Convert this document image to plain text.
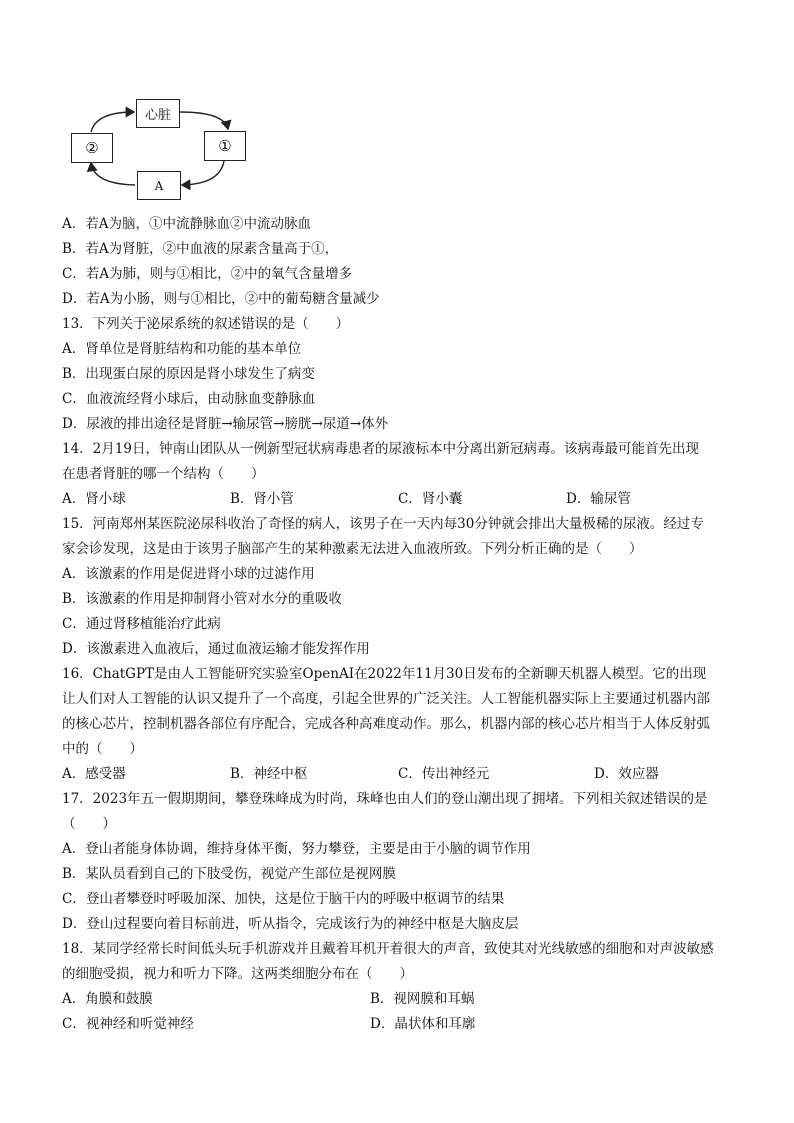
心脏
①
②
A
A．若A为脑，①中流静脉血②中流动脉血
B．若A为肾脏，②中血液的尿素含量高于①，
C．若A为肺，则与①相比，②中的氧气含量增多
D．若A为小肠，则与①相比，②中的葡萄糖含量减少
13．下列关于泌尿系统的叙述错误的是（　　）
A．肾单位是肾脏结构和功能的基本单位
B．出现蛋白尿的原因是肾小球发生了病变
C．血液流经肾小球后，由动脉血变静脉血
D．尿液的排出途径是肾脏→输尿管→膀胱→尿道→体外
14．2月19日，钟南山团队从一例新型冠状病毒患者的尿液标本中分离出新冠病毒。该病毒最可能首先出现
在患者肾脏的哪一个结构（　　）
A．肾小球	B．肾小管	C．肾小囊	D．输尿管
15．河南郑州某医院泌尿科收治了奇怪的病人，该男子在一天内每30分钟就会排出大量极稀的尿液。经过专
家会诊发现，这是由于该男子脑部产生的某种激素无法进入血液所致。下列分析正确的是（　　）
A．该激素的作用是促进肾小球的过滤作用
B．该激素的作用是抑制肾小管对水分的重吸收
C．通过肾移植能治疗此病
D．该激素进入血液后，通过血液运输才能发挥作用
16．ChatGPT是由人工智能研究实验室OpenAI在2022年11月30日发布的全新聊天机器人模型。它的出现
让人们对人工智能的认识又提升了一个高度，引起全世界的广泛关注。人工智能机器实际上主要通过机器内部
的核心芯片，控制机器各部位有序配合，完成各种高难度动作。那么，机器内部的核心芯片相当于人体反射弧
中的（　　）
A．感受器	B．神经中枢	C．传出神经元	D．效应器
17．2023年五一假期期间，攀登珠峰成为时尚，珠峰也由人们的登山潮出现了拥堵。下列相关叙述错误的是
（　　）
A．登山者能身体协调，维持身体平衡，努力攀登，主要是由于小脑的调节作用
B．某队员看到自己的下肢受伤，视觉产生部位是视网膜
C．登山者攀登时呼吸加深、加快，这是位于脑干内的呼吸中枢调节的结果
D．登山过程要向着目标前进，听从指令，完成该行为的神经中枢是大脑皮层
18．某同学经常长时间低头玩手机游戏并且戴着耳机开着很大的声音，致使其对光线敏感的细胞和对声波敏感
的细胞受损，视力和听力下降。这两类细胞分布在（　　）
A．角膜和鼓膜	B．视网膜和耳蜗
C．视神经和听觉神经	D．晶状体和耳廓
